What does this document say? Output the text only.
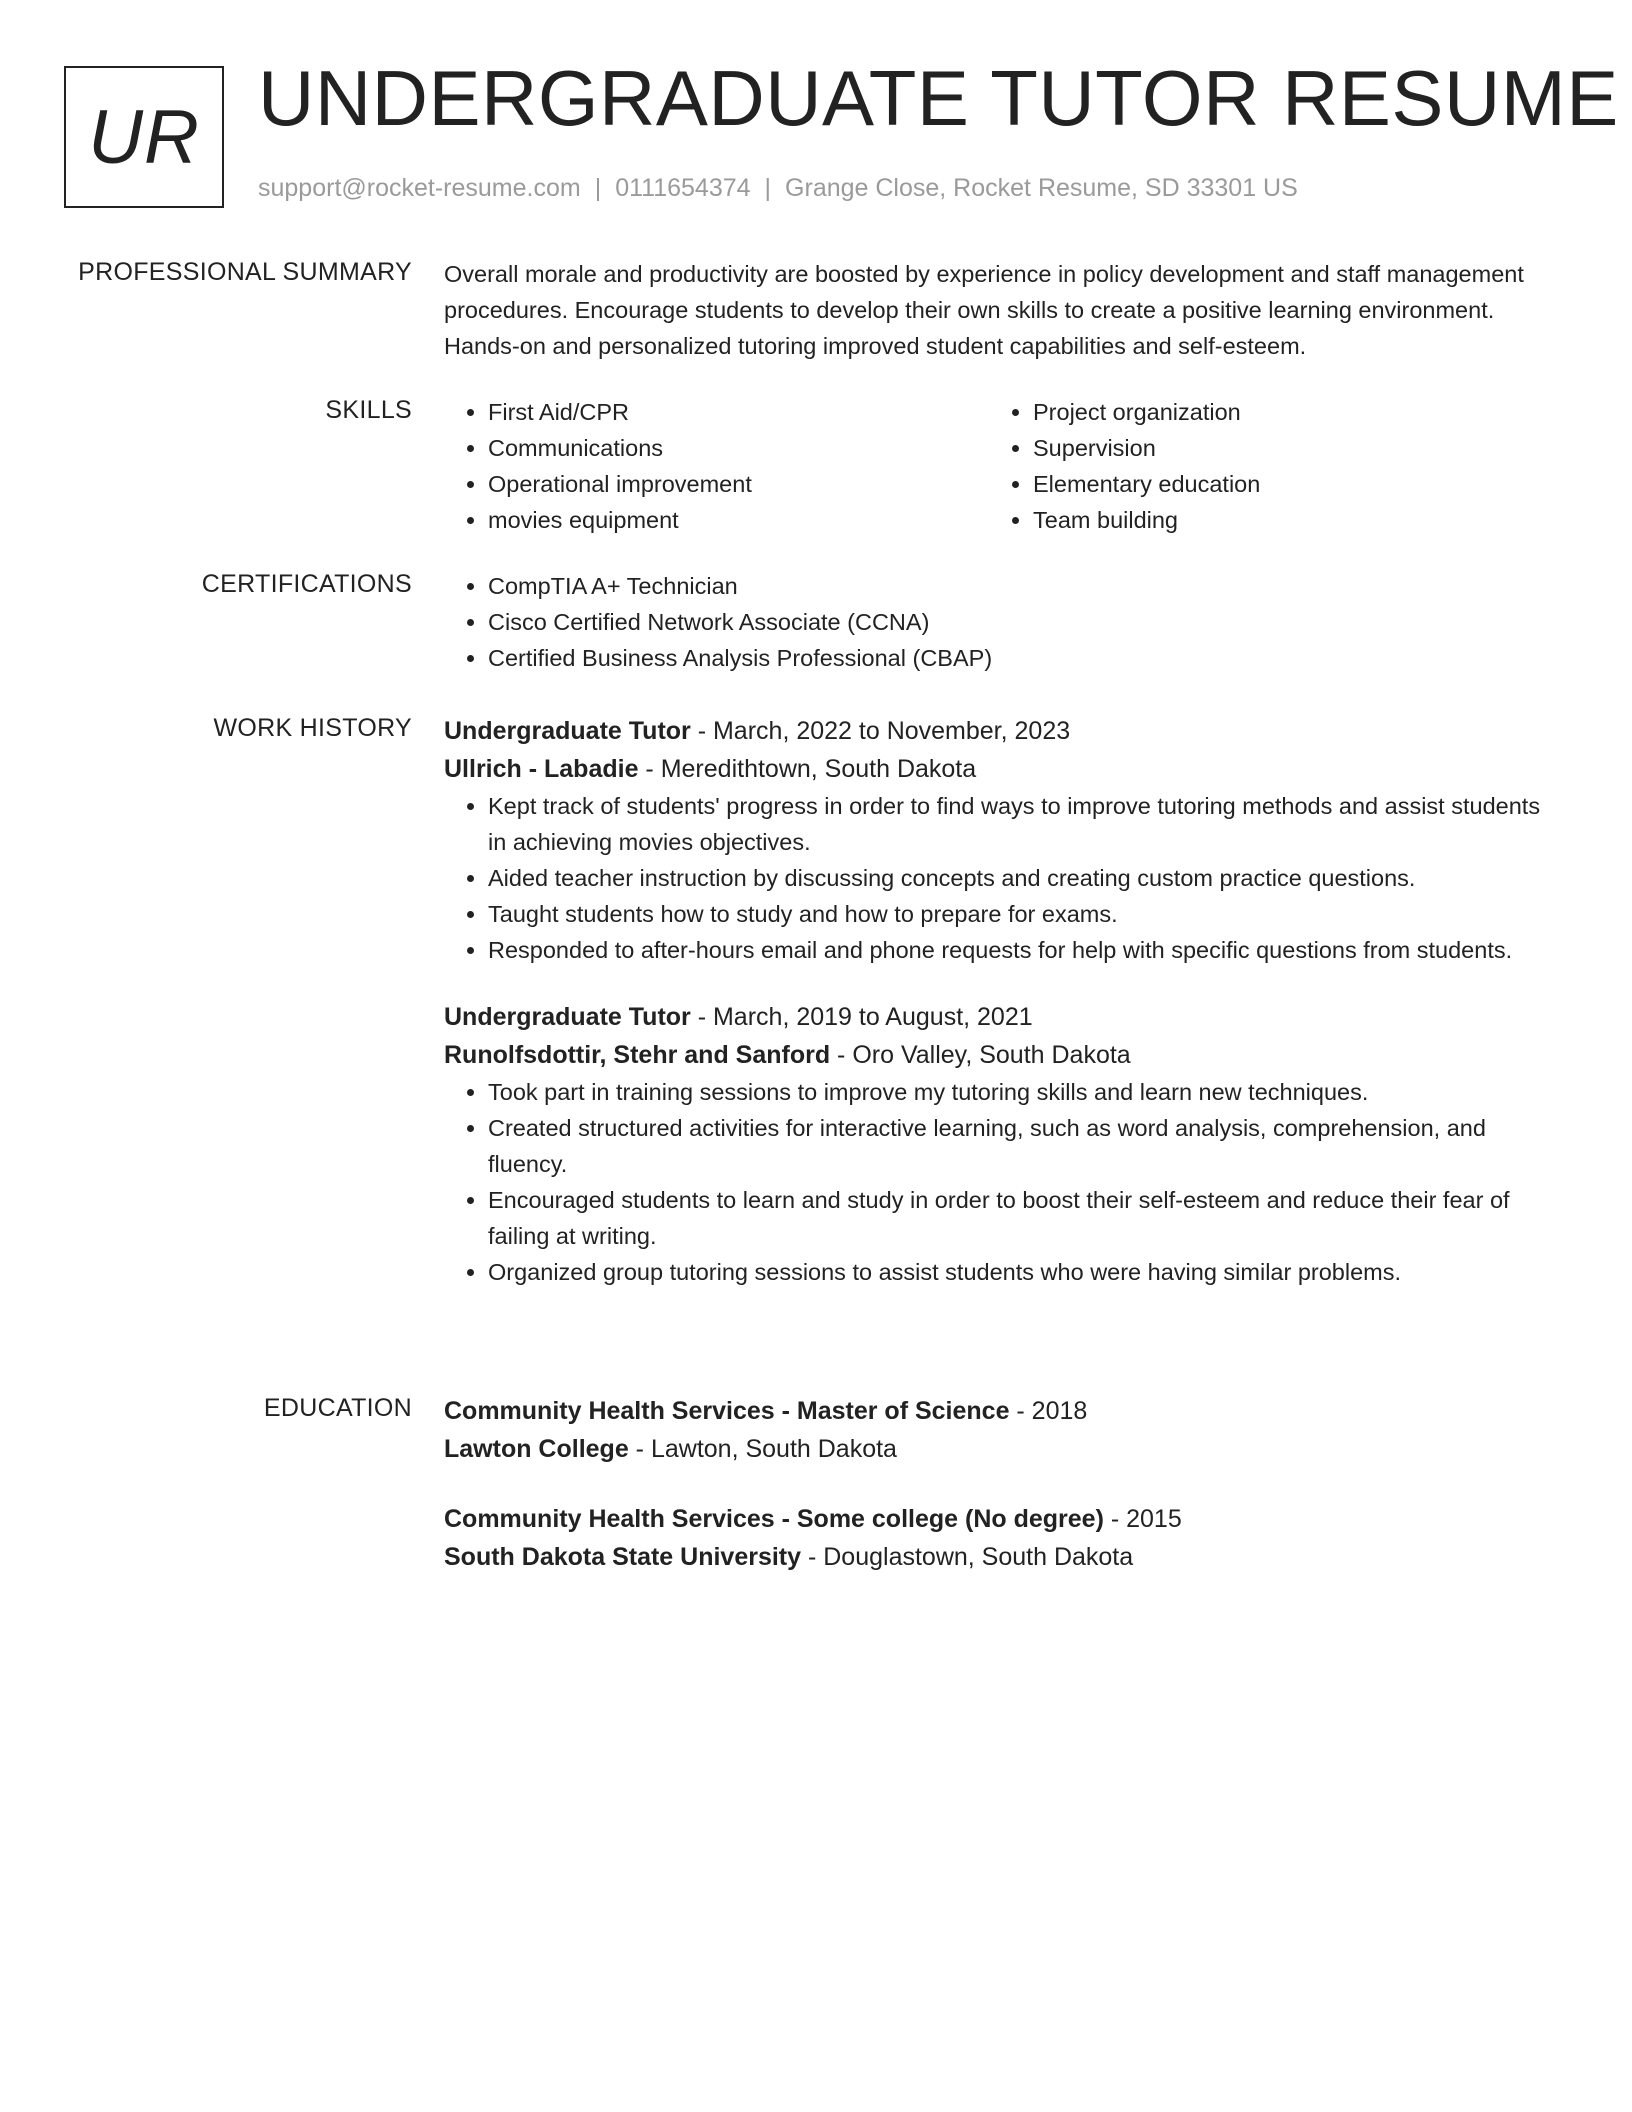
UR UNDERGRADUATE TUTOR RESUME
support@rocket-resume.com | 0111654374 | Grange Close, Rocket Resume, SD 33301 US
PROFESSIONAL SUMMARY Overall morale and productivity are boosted by experience in policy development and staff management procedures. Encourage students to develop their own skills to create a positive learning environment. Hands-on and personalized tutoring improved student capabilities and self-esteem.

SKILLS	• First Aid/CPR
• Communications
• Operational improvement
• movies equipment
• Project organization
• Supervision
• Elementary education
• Team building
CERTIFICATIONS	• CompTIA A+ Technician
• Cisco Certified Network Associate (CCNA)
• Certified Business Analysis Professional (CBAP)
WORK HISTORY Undergraduate Tutor - March, 2022 to November, 2023
Ullrich - Labadie - Meredithtown, South Dakota
• Kept track of students' progress in order to find ways to improve tutoring methods and assist students in achieving movies objectives.
• Aided teacher instruction by discussing concepts and creating custom practice questions.
• Taught students how to study and how to prepare for exams.
• Responded to after-hours email and phone requests for help with specific questions from students.
Undergraduate Tutor - March, 2019 to August, 2021
Runolfsdottir, Stehr and Sanford - Oro Valley, South Dakota
• Took part in training sessions to improve my tutoring skills and learn new techniques.
• Created structured activities for interactive learning, such as word analysis, comprehension, and fluency.
• Encouraged students to learn and study in order to boost their self-esteem and reduce their fear of failing at writing.
• Organized group tutoring sessions to assist students who were having similar problems.
EDUCATION Community Health Services - Master of Science - 2018
Lawton College - Lawton, South Dakota
Community Health Services - Some college (No degree) - 2015
South Dakota State University - Douglastown, South Dakota
